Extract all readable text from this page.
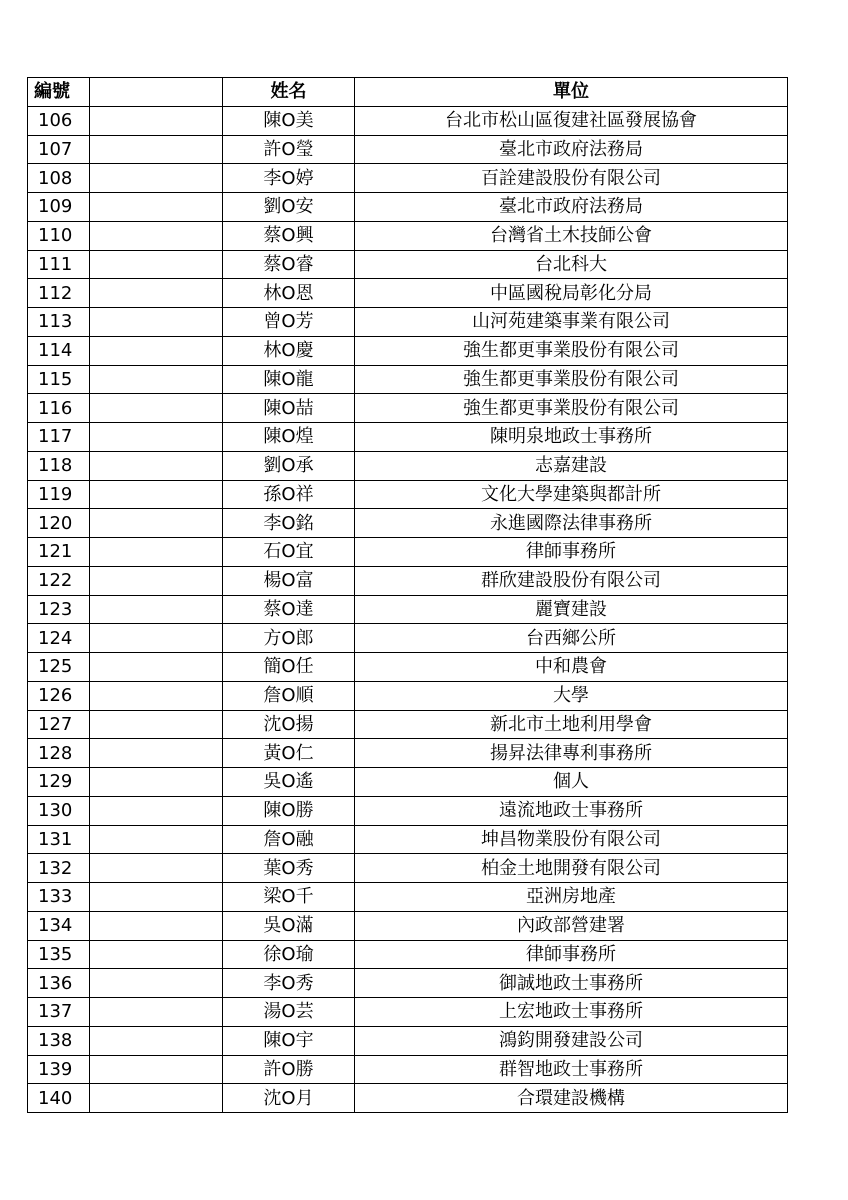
編號		姓名	單位
106		陳O美	台北市松山區復建社區發展協會
107		許O瑩	臺北市政府法務局
108		李O婷	百詮建設股份有限公司
109		劉O安	臺北市政府法務局
110		蔡O興	台灣省土木技師公會
111		蔡O睿	台北科大
112		林O恩	中區國稅局彰化分局
113		曾O芳	山河苑建築事業有限公司
114		林O慶	強生都更事業股份有限公司
115		陳O龍	強生都更事業股份有限公司
116		陳O喆	強生都更事業股份有限公司
117		陳O煌	陳明泉地政士事務所
118		劉O承	志嘉建設
119		孫O祥	文化大學建築與都計所
120		李O銘	永進國際法律事務所
121		石O宜	律師事務所
122		楊O富	群欣建設股份有限公司
123		蔡O達	麗寶建設
124		方O郎	台西鄉公所
125		簡O任	中和農會
126		詹O順	大學
127		沈O揚	新北市土地利用學會
128		黃O仁	揚昇法律專利事務所
129		吳O遙	個人
130		陳O勝	遠流地政士事務所
131		詹O融	坤昌物業股份有限公司
132		葉O秀	柏金土地開發有限公司
133		梁O千	亞洲房地產
134		吳O滿	內政部營建署
135		徐O瑜	律師事務所
136		李O秀	御誠地政士事務所
137		湯O芸	上宏地政士事務所
138		陳O宇	鴻鈞開發建設公司
139		許O勝	群智地政士事務所
140		沈O月	合環建設機構
